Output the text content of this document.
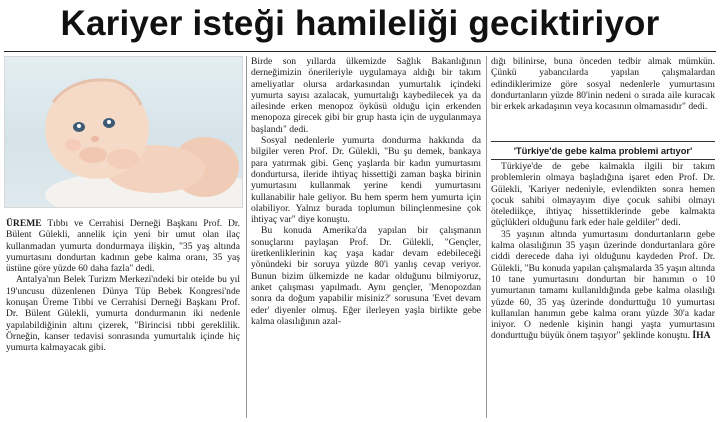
Kariyer isteği hamileliği geciktiriyor

ÜREME Tıbbı ve Cerrahisi Derneği Başkanı Prof. Dr. Bülent Gülekli, annelik için yeni bir umut olan ilaç kullanmadan yumurta dondurmaya ilişkin, "35 yaş altında yumurtasını dondurtan kadının gebe kalma oranı, 35 yaş üstüne göre yüzde 60 daha fazla" dedi.

Antalya'nın Belek Turizm Merkezi'ndeki bir otelde bu yıl 19'uncusu düzenlenen Dünya Tüp Bebek Kongresi'nde konuşan Üreme Tıbbi ve Cerrahisi Derneği Başkanı Prof. Dr. Bülent Gülekli, yumurta dondurmanın iki nedenle yapılabildiğinin altını çizerek, "Birincisi tıbbi gereklilik. Örneğin, kanser tedavisi sonrasında yumurtalık içinde hiç yumurta kalmayacak gibi.

Birde son yıllarda ülkemizde Sağlık Bakanlığının derneğimizin önerileriyle uygulamaya aldığı bir takım ameliyatlar olursa ardarkasından yumurtalık içindeki yumurta sayısı azalacak, yumurtalığı kaybedilecek ya da ailesinde erken menopoz öyküsü olduğu için erkenden menopoza girecek gibi bir grup hasta için de uygulanmaya başlandı" dedi.

Sosyal nedenlerle yumurta dondurma hakkında da bilgiler veren Prof. Dr. Gülekli, "Bu şu demek, bankaya para yatırmak gibi. Genç yaşlarda bir kadın yumurtasını dondurtursa, ileride ihtiyaç hissettiği zaman başka birinin yumurtasını kullanmak yerine kendi yumurtasını kullanabilir hale geliyor. Bu hem sperm hem yumurta için olabiliyor. Yalnız burada toplumun bilinçlenmesine çok ihtiyaç var" diye konuştu.

Bu konuda Amerika'da yapılan bir çalışmanın sonuçlarını paylaşan Prof. Dr. Gülekli, "Gençler, üretkenliklerinin kaç yaşa kadar devam edebileceği yönündeki bir soruya yüzde 80'i yanlış cevap veriyor. Bunun bizim ülkemizde ne kadar olduğunu bilmiyoruz, anket çalışması yapılmadı. Aynı gençler, 'Menopozdan sonra da doğum yapabilir misiniz?' sorusuna 'Evet devam eder' diyenler olmuş. Eğer ilerleyen yaşla birlikte gebe kalma olasılığının azal-

dığı bilinirse, buna önceden tedbir almak mümkün. Çünkü yabancılarda yapılan çalışmalardan edindiklerimize göre sosyal nedenlerle yumurtasını dondurtanların yüzde 80'inin nedeni o sırada aile kuracak bir erkek arkadaşının veya kocasının olmamasıdır" dedi.

'Türkiye'de gebe kalma problemi artıyor'

Türkiye'de de gebe kalmakla ilgili bir takım problemlerin olmaya başladığına işaret eden Prof. Dr. Gülekli, 'Kariyer nedeniyle, evlendikten sonra hemen çocuk sahibi olmayayım diye çocuk sahibi olmayı ötelediikçe, ihtiyaç hissettiklerinde gebe kalmakta güçlükleri olduğunu fark eder hale geldiler" dedi.

35 yaşının altında yumurtasını dondurtanların gebe kalma olasılığının 35 yaşın üzerinde dondurtanlara göre ciddi derecede daha iyi olduğunu kaydeden Prof. Dr. Gülekli, "Bu konuda yapılan çalışmalarda 35 yaşın altında 10 tane yumurtasını dondurtan bir hanımın o 10 yumurtanın tamamı kullanıldığında gebe kalma olasılığı yüzde 60, 35 yaş üzerinde dondurttuğu 10 yumurtası kullanılan hanımın gebe kalma oranı yüzde 30'a kadar iniyor. O nedenle kişinin hangi yaşta yumurtasını dondurttuğu büyük önem taşıyor" şeklinde konuştu. İHA
